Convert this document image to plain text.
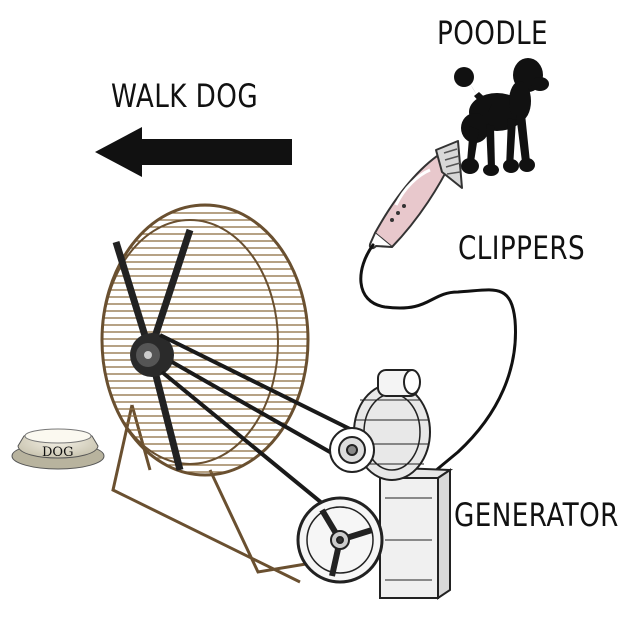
DOG
POODLE
WALK DOG
CLIPPERS
GENERATOR
